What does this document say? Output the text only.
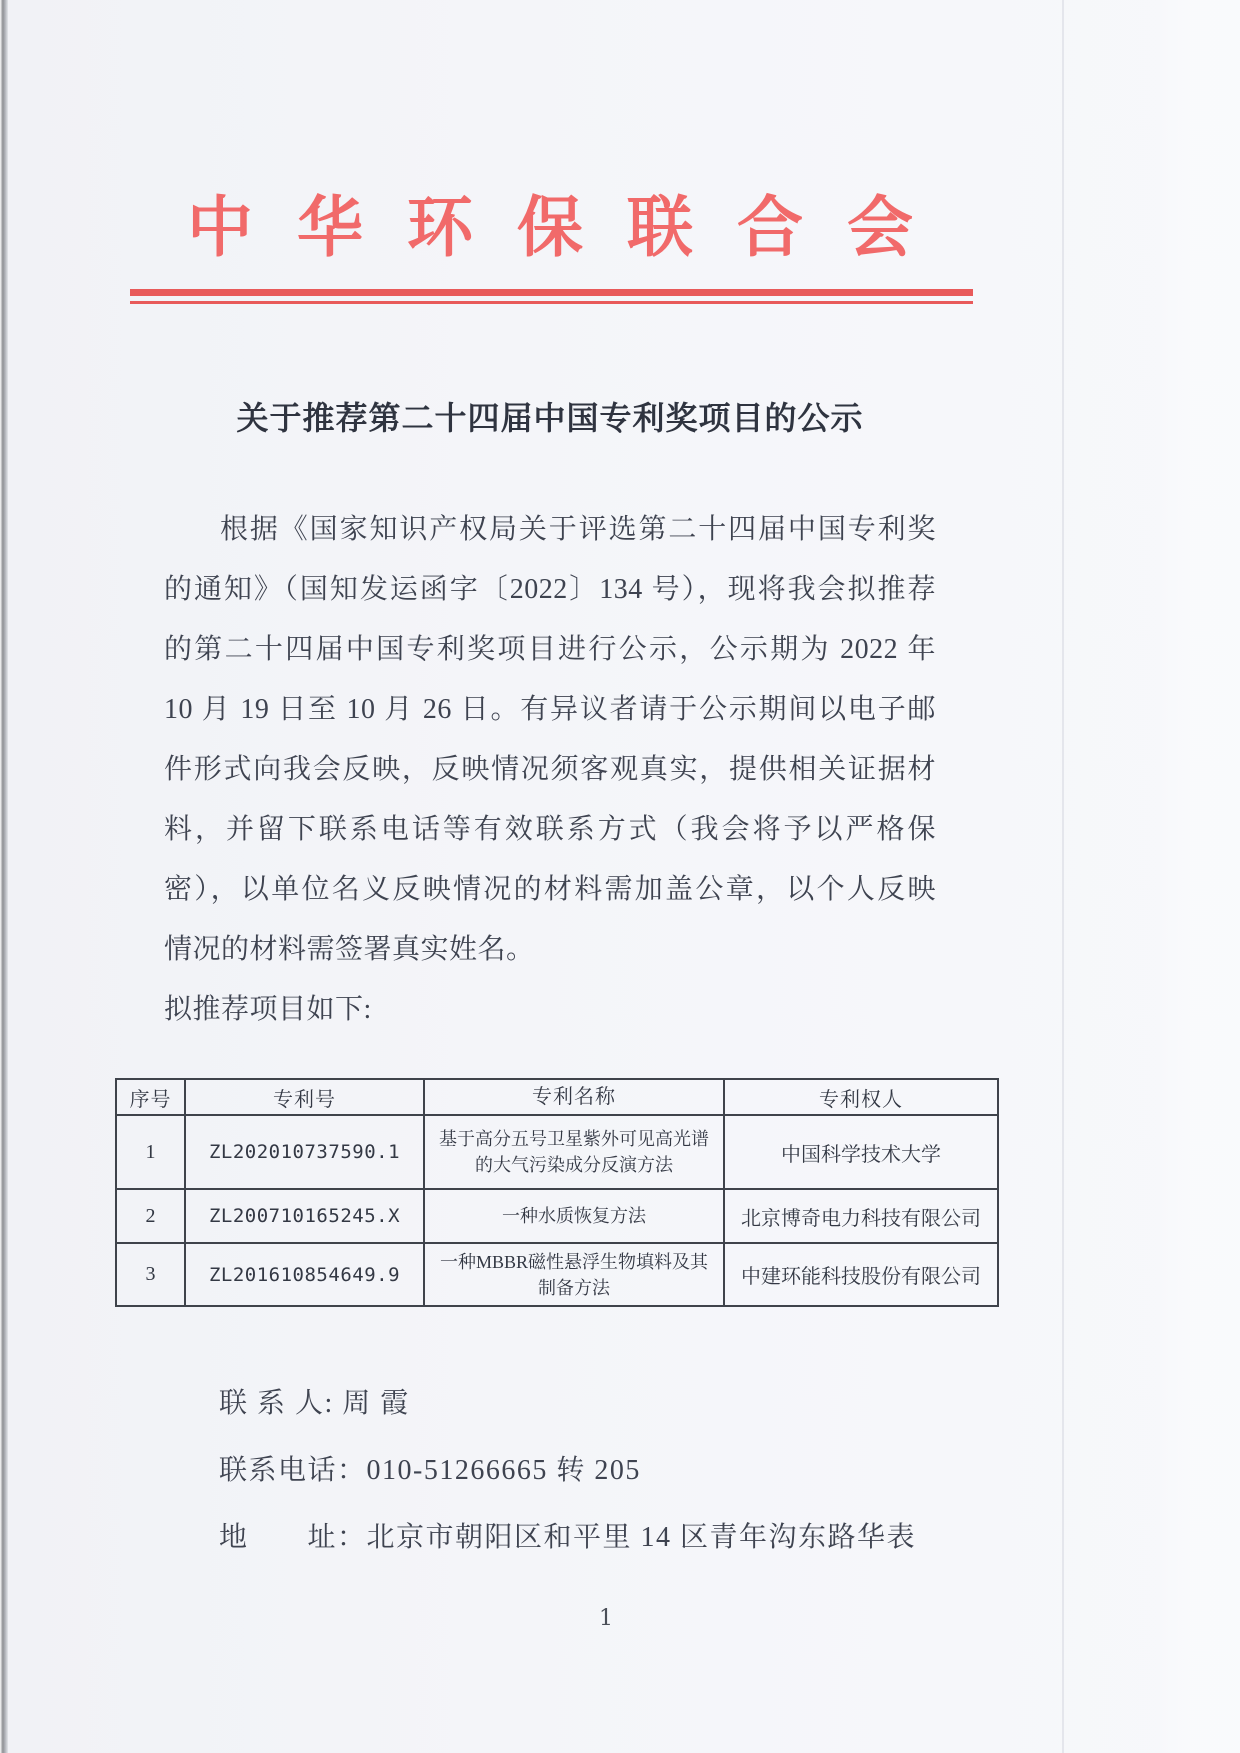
中华环保联合会
关于推荐第二十四届中国专利奖项目的公示
根据《国家知识产权局关于评选第二十四届中国专利奖
的通知》（国知发运函字〔2022〕134 号），现将我会拟推荐
的第二十四届中国专利奖项目进行公示，公示期为 2022 年
10 月 19 日至 10 月 26 日。有异议者请于公示期间以电子邮
件形式向我会反映，反映情况须客观真实，提供相关证据材
料，并留下联系电话等有效联系方式（我会将予以严格保
密），以单位名义反映情况的材料需加盖公章，以个人反映
情况的材料需签署真实姓名。
拟推荐项目如下:
序号	专利号	专利名称	专利权人
1	ZL202010737590.1	基于高分五号卫星紫外可见高光谱的大气污染成分反演方法	中国科学技术大学
2	ZL200710165245.X	一种水质恢复方法	北京博奇电力科技有限公司
3	ZL201610854649.9	一种MBBR磁性悬浮生物填料及其制备方法	中建环能科技股份有限公司
联 系 人: 周 霞
联系电话：010-51266665 转 205
地　　址：北京市朝阳区和平里 14 区青年沟东路华表
1
